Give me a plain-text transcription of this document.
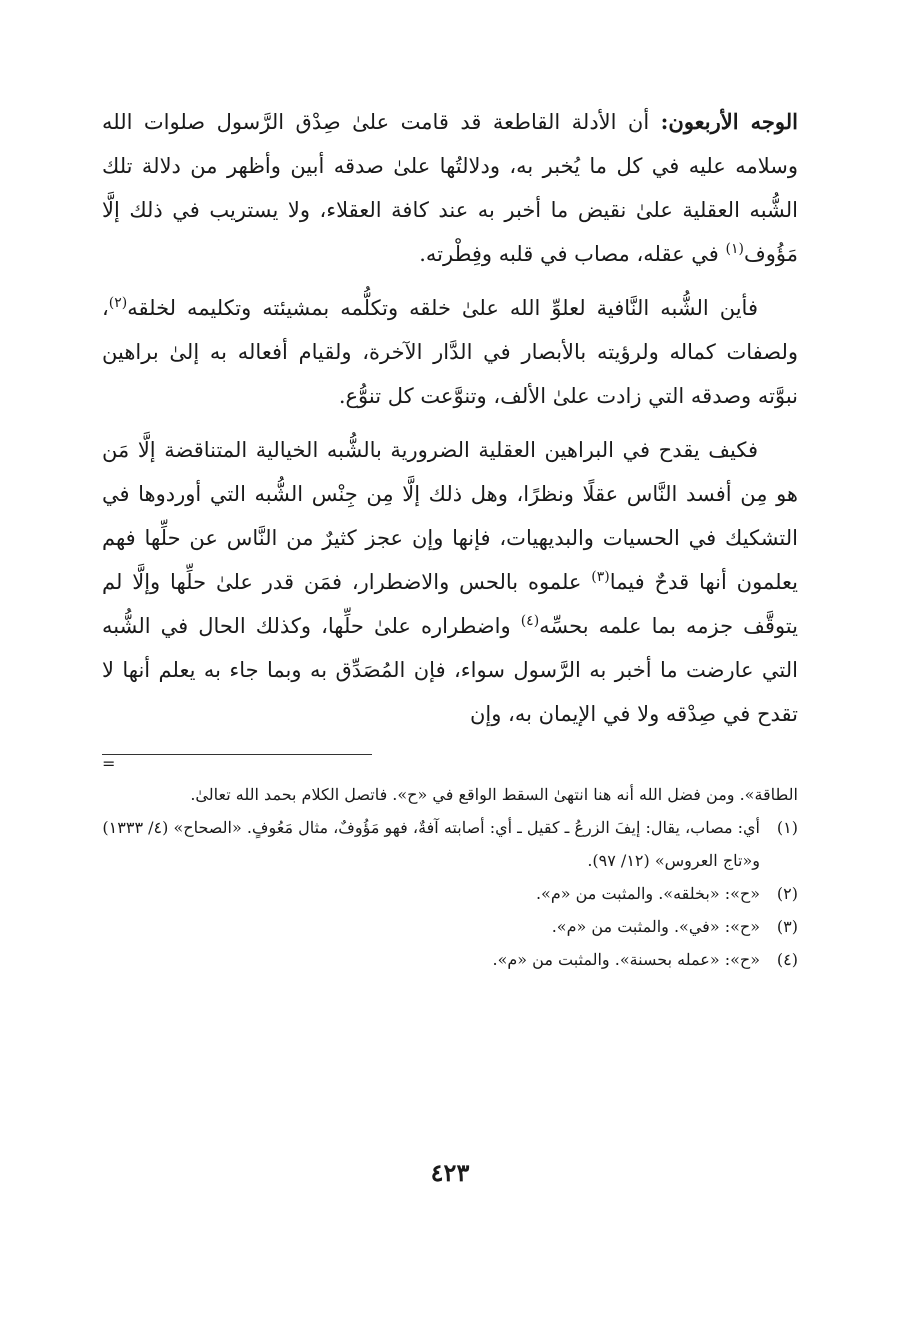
الوجه الأربعون: أن الأدلة القاطعة قد قامت علىٰ صِدْق الرَّسول صلوات الله وسلامه عليه في كل ما يُخبر به، ودلالتُها علىٰ صدقه أبين وأظهر من دلالة تلك الشُّبه العقلية علىٰ نقيض ما أخبر به عند كافة العقلاء، ولا يستريب في ذلك إلَّا مَؤُوف$^{(١)}$ في عقله، مصاب في قلبه وفِطْرته.

فأين الشُّبه النَّافية لعلوِّ الله علىٰ خلقه وتكلُّمه بمشيئته وتكليمه لخلقه$^{(٢)}$، ولصفات كماله ولرؤيته بالأبصار في الدَّار الآخرة، ولقيام أفعاله به إلىٰ براهين نبوَّته وصدقه التي زادت علىٰ الألف، وتنوَّعت كل تنوُّع.

فكيف يقدح في البراهين العقلية الضرورية بالشُّبه الخيالية المتناقضة إلَّا مَن هو مِن أفسد النَّاس عقلًا ونظرًا، وهل ذلك إلَّا مِن جِنْس الشُّبه التي أوردوها في التشكيك في الحسيات والبديهيات، فإنها وإن عجز كثيرٌ من النَّاس عن حلِّها فهم يعلمون أنها قدحٌ فيما$^{(٣)}$ علموه بالحس والاضطرار، فمَن قدر علىٰ حلِّها وإلَّا لم يتوقَّف جزمه بما علمه بحسِّه$^{(٤)}$ واضطراره علىٰ حلِّها، وكذلك الحال في الشُّبه التي عارضت ما أخبر به الرَّسول سواء، فإن المُصَدِّق به وبما جاء به يعلم أنها لا تقدح في صِدْقه ولا في الإيمان به، وإن

=

الطاقة». ومن فضل الله أنه هنا انتهىٰ السقط الواقع في «ح». فاتصل الكلام بحمد الله تعالىٰ.

(١)
أي: مصاب، يقال: إيفَ الزرعُ ـ كقيل ـ أي: أصابته آفةٌ، فهو مَؤُوفٌ، مثال مَعُوفٍ. «الصحاح» (٤/ ١٣٣٣) و«تاج العروس» (١٢/ ٩٧).
(٢)
«ح»: «بخلقه». والمثبت من «م».
(٣)
«ح»: «في». والمثبت من «م».
(٤)
«ح»: «عمله بحسنة». والمثبت من «م».
٤٢٣
